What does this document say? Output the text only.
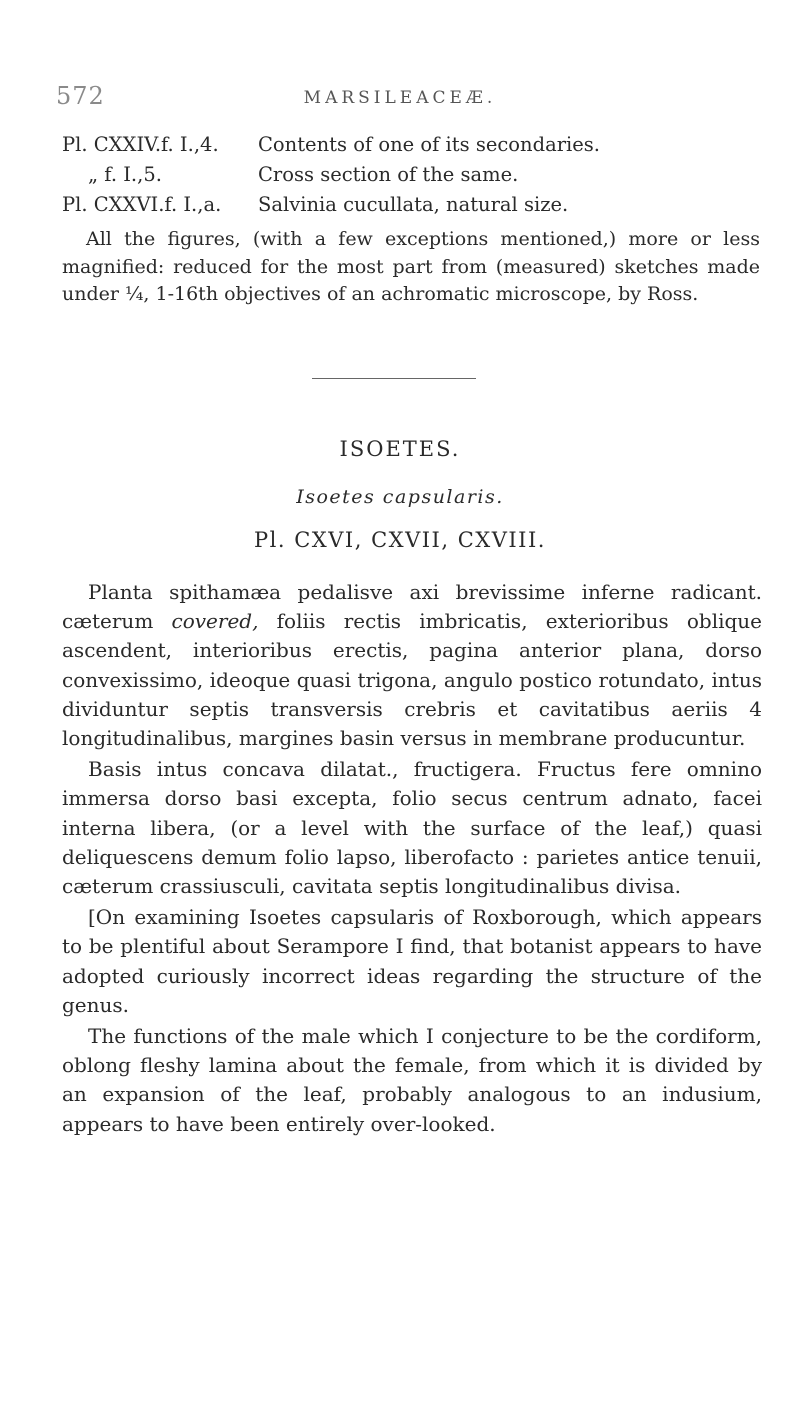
572	MARSILEACEÆ.
Pl. CXXIV.f. I.,4.	Contents of one of its secondaries.
„ f. I.,5.	Cross section of the same.
Pl. CXXVI.f. I.,a.	Salvinia cucullata, natural size.

All the figures, (with a few exceptions mentioned,) more or less magnified: reduced for the most part from (measured) sketches made under ¼, 1-16th objectives of an achromatic microscope, by Ross.

ISOETES.
Isoetes capsularis.
Pl. CXVI, CXVII, CXVIII.

Planta spithamæa pedalisve axi brevissime inferne radicant. cæterum covered, foliis rectis imbricatis, exterioribus oblique ascendent, interioribus erectis, pagina anterior plana, dorso convexissimo, ideoque quasi trigona, angulo postico rotundato, intus dividuntur septis transversis crebris et cavitatibus aeriis 4 longitudinalibus, margines basin versus in membrane producuntur.

Basis intus concava dilatat., fructigera. Fructus fere omnino immersa dorso basi excepta, folio secus centrum adnato, facei interna libera, (or a level with the surface of the leaf,) quasi deliquescens demum folio lapso, liberofacto : parietes antice tenuii, cæterum crassiusculi, cavitata septis longitudinalibus divisa.

[On examining Isoetes capsularis of Roxborough, which appears to be plentiful about Serampore I find, that botanist appears to have adopted curiously incorrect ideas regarding the structure of the genus.

The functions of the male which I conjecture to be the cordiform, oblong fleshy lamina about the female, from which it is divided by an expansion of the leaf, probably analogous to an indusium, appears to have been entirely over-looked.
